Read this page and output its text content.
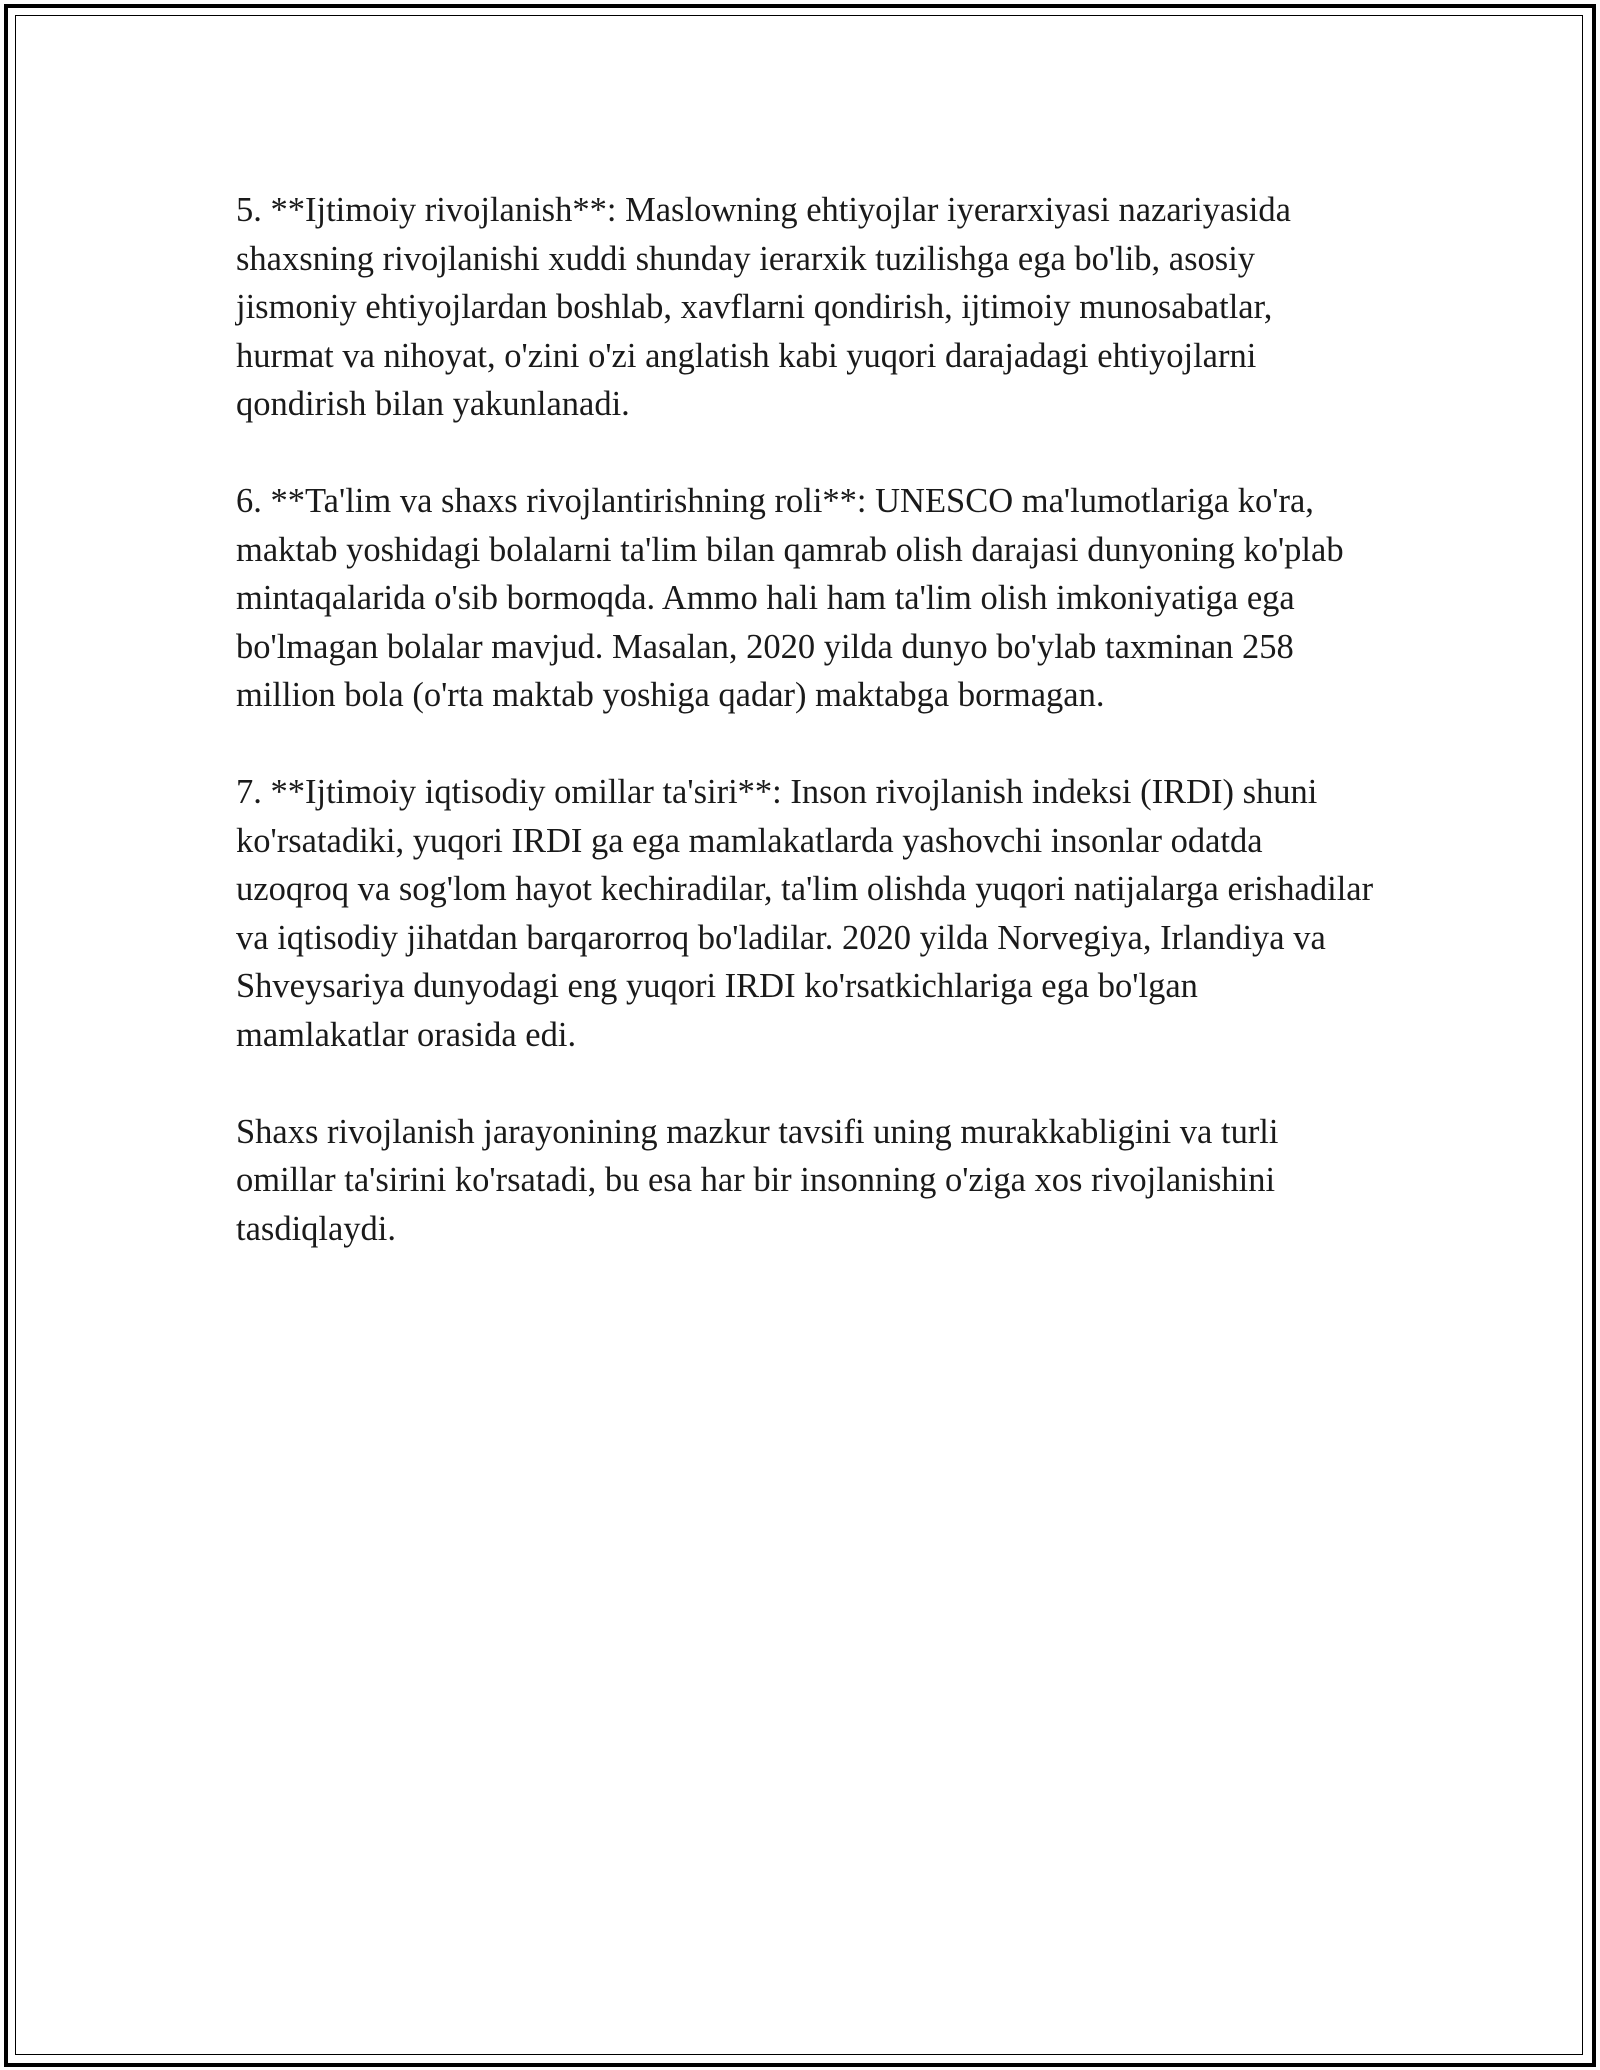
5. **Ijtimoiy rivojlanish**: Maslowning ehtiyojlar iyerarxiyasi nazariyasida shaxsning rivojlanishi xuddi shunday ierarxik tuzilishga ega bo'lib, asosiy jismoniy ehtiyojlardan boshlab, xavflarni qondirish, ijtimoiy munosabatlar, hurmat va nihoyat, o'zini o'zi anglatish kabi yuqori darajadagi ehtiyojlarni qondirish bilan yakunlanadi.

6. **Ta'lim va shaxs rivojlantirishning roli**: UNESCO ma'lumotlariga ko'ra, maktab yoshidagi bolalarni ta'lim bilan qamrab olish darajasi dunyoning ko'plab mintaqalarida o'sib bormoqda. Ammo hali ham ta'lim olish imkoniyatiga ega bo'lmagan bolalar mavjud. Masalan, 2020 yilda dunyo bo'ylab taxminan 258 million bola (o'rta maktab yoshiga qadar) maktabga bormagan.

7. **Ijtimoiy iqtisodiy omillar ta'siri**: Inson rivojlanish indeksi (IRDI) shuni ko'rsatadiki, yuqori IRDI ga ega mamlakatlarda yashovchi insonlar odatda uzoqroq va sog'lom hayot kechiradilar, ta'lim olishda yuqori natijalarga erishadilar va iqtisodiy jihatdan barqarorroq bo'ladilar. 2020 yilda Norvegiya, Irlandiya va Shveysariya dunyodagi eng yuqori IRDI ko'rsatkichlariga ega bo'lgan mamlakatlar orasida edi.

Shaxs rivojlanish jarayonining mazkur tavsifi uning murakkabligini va turli omillar ta'sirini ko'rsatadi, bu esa har bir insonning o'ziga xos rivojlanishini tasdiqlaydi.
